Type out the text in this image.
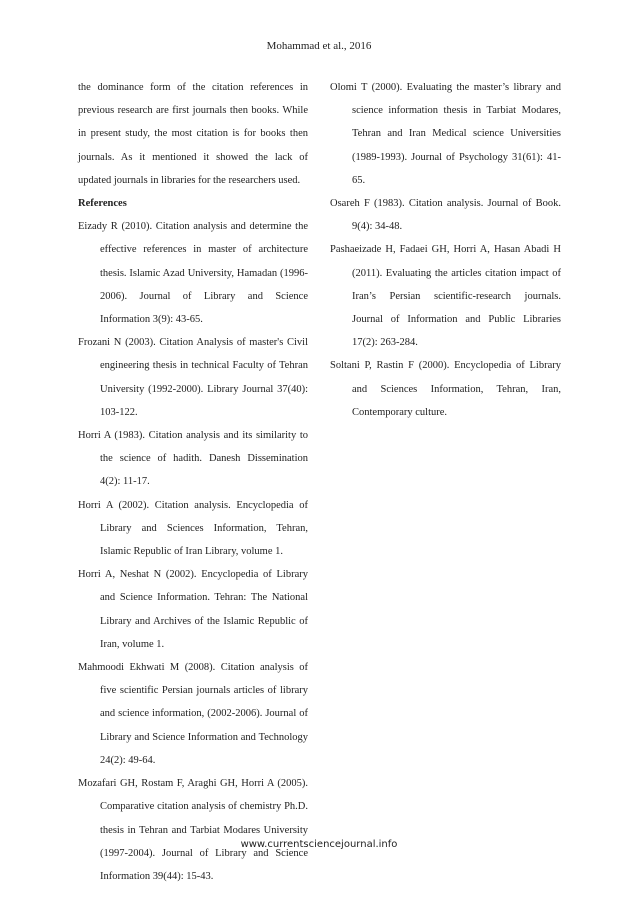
Mohammad et al., 2016

the dominance form of the citation references in previous research are first journals then books. While in present study, the most citation is for books then journals. As it mentioned it showed the lack of updated journals in libraries for the researchers used.

References

Eizady R (2010). Citation analysis and determine the effective references in master of architecture thesis. Islamic Azad University, Hamadan (1996-2006). Journal of Library and Science Information 3(9): 43-65.

Frozani N (2003). Citation Analysis of master's Civil engineering thesis in technical Faculty of Tehran University (1992-2000). Library Journal 37(40): 103-122.

Horri A (1983). Citation analysis and its similarity to the science of hadith. Danesh Dissemination 4(2): 11-17.

Horri A (2002). Citation analysis. Encyclopedia of Library and Sciences Information, Tehran, Islamic Republic of Iran Library, volume 1.

Horri A, Neshat N (2002). Encyclopedia of Library and Science Information. Tehran: The National Library and Archives of the Islamic Republic of Iran, volume 1.

Mahmoodi Ekhwati M (2008). Citation analysis of five scientific Persian journals articles of library and science information, (2002-2006). Journal of Library and Science Information and Technology 24(2): 49-64.

Mozafari GH, Rostam F, Araghi GH, Horri A (2005). Comparative citation analysis of chemistry Ph.D. thesis in Tehran and Tarbiat Modares University (1997-2004). Journal of Library and Science Information 39(44): 15-43.

Olomi T (2000). Evaluating the master’s library and science information thesis in Tarbiat Modares, Tehran and Iran Medical science Universities (1989-1993). Journal of Psychology 31(61): 41-65.

Osareh F (1983). Citation analysis. Journal of Book. 9(4): 34-48.

Pashaeizade H, Fadaei GH, Horri A, Hasan Abadi H (2011). Evaluating the articles citation impact of Iran’s Persian scientific-research journals. Journal of Information and Public Libraries 17(2): 263-284.

Soltani P, Rastin F (2000). Encyclopedia of Library and Sciences Information, Tehran, Iran, Contemporary culture.

www.currentsciencejournal.info
